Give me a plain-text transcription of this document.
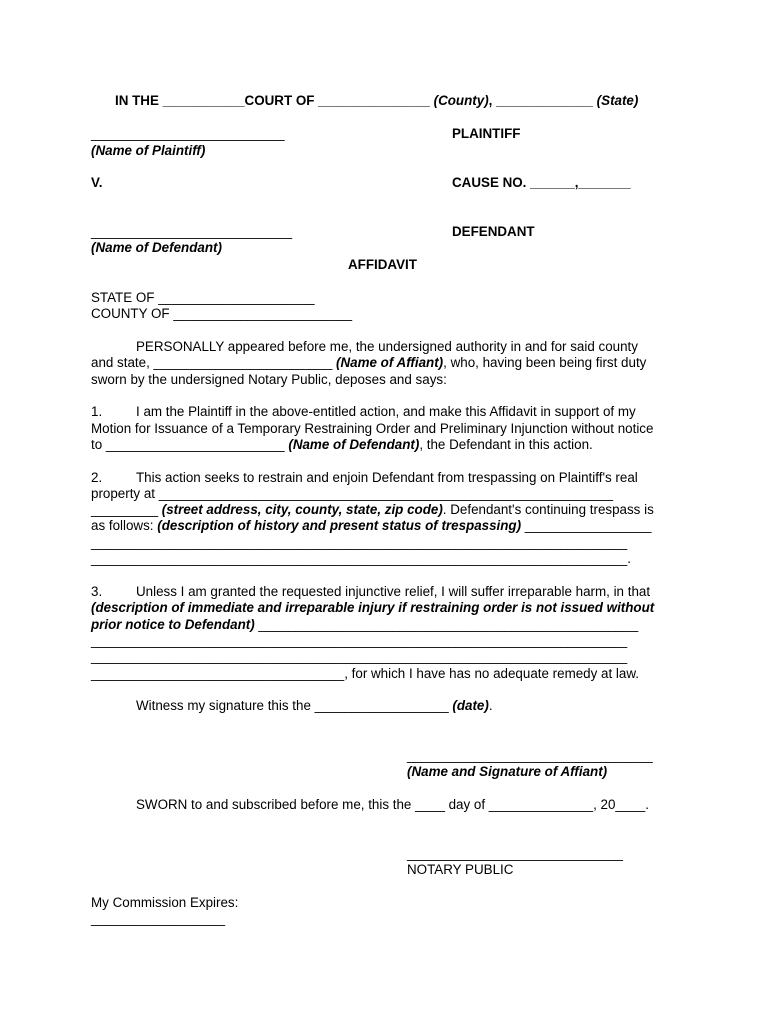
IN THE ___________COURT OF _______________ (County), _____________ (State)
__________________________	PLAINTIFF
(Name of Plaintiff)
V.	CAUSE NO. ______,_______
___________________________	DEFENDANT
(Name of Defendant)
AFFIDAVIT
STATE OF _____________________
COUNTY OF ________________________
PERSONALLY appeared before me, the undersigned authority in and for said county
and state, ________________________ (Name of Affiant), who, having been being first duty
sworn by the undersigned Notary Public, deposes and says:
1.	I am the Plaintiff in the above-entitled action, and make this Affidavit in support of my
Motion for Issuance of a Temporary Restraining Order and Preliminary Injunction without notice
to ________________________ (Name of Defendant), the Defendant in this action.
2.	This action seeks to restrain and enjoin Defendant from trespassing on Plaintiff's real
property at _____________________________________________________________
_________ (street address, city, county, state, zip code). Defendant's continuing trespass is
as follows: (description of history and present status of trespassing) _________________
________________________________________________________________________
________________________________________________________________________.
3.	Unless I am granted the requested injunctive relief, I will suffer irreparable harm, in that
(description of immediate and irreparable injury if restraining order is not issued without
prior notice to Defendant) ___________________________________________________
________________________________________________________________________
________________________________________________________________________
__________________________________, for which I have has no adequate remedy at law.
Witness my signature this the __________________ (date).
_________________________________
(Name and Signature of Affiant)
SWORN to and subscribed before me, this the ____ day of ______________, 20____.
_____________________________
NOTARY PUBLIC
My Commission Expires:
__________________
